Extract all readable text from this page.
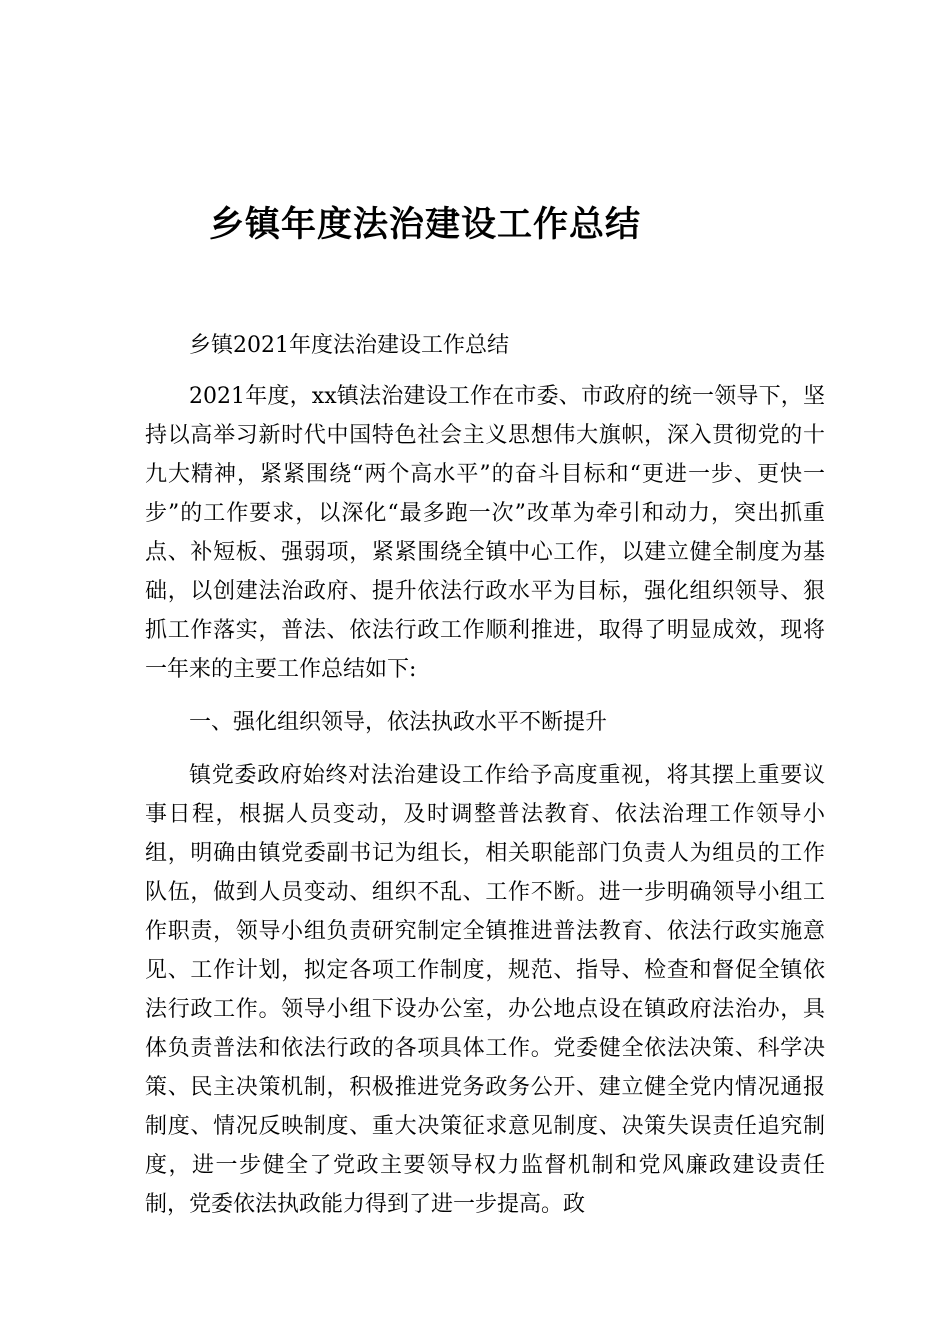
乡镇年度法治建设工作总结

乡镇2021年度法治建设工作总结

2021年度，xx镇法治建设工作在市委、市政府的统一领导下，坚持以高举习新时代中国特色社会主义思想伟大旗帜，深入贯彻党的十九大精神，紧紧围绕“两个高水平”的奋斗目标和“更进一步、更快一步”的工作要求，以深化“最多跑一次”改革为牵引和动力，突出抓重点、补短板、强弱项，紧紧围绕全镇中心工作，以建立健全制度为基础，以创建法治政府、提升依法行政水平为目标，强化组织领导、狠抓工作落实，普法、依法行政工作顺利推进，取得了明显成效，现将一年来的主要工作总结如下:

一、强化组织领导，依法执政水平不断提升

镇党委政府始终对法治建设工作给予高度重视，将其摆上重要议事日程，根据人员变动，及时调整普法教育、依法治理工作领导小组，明确由镇党委副书记为组长，相关职能部门负责人为组员的工作队伍，做到人员变动、组织不乱、工作不断。进一步明确领导小组工作职责，领导小组负责研究制定全镇推进普法教育、依法行政实施意见、工作计划，拟定各项工作制度，规范、指导、检查和督促全镇依法行政工作。领导小组下设办公室，办公地点设在镇政府法治办，具体负责普法和依法行政的各项具体工作。党委健全依法决策、科学决策、民主决策机制，积极推进党务政务公开、建立健全党内情况通报制度、情况反映制度、重大决策征求意见制度、决策失误责任追究制度，进一步健全了党政主要领导权力监督机制和党风廉政建设责任制，党委依法执政能力得到了进一步提高。政
